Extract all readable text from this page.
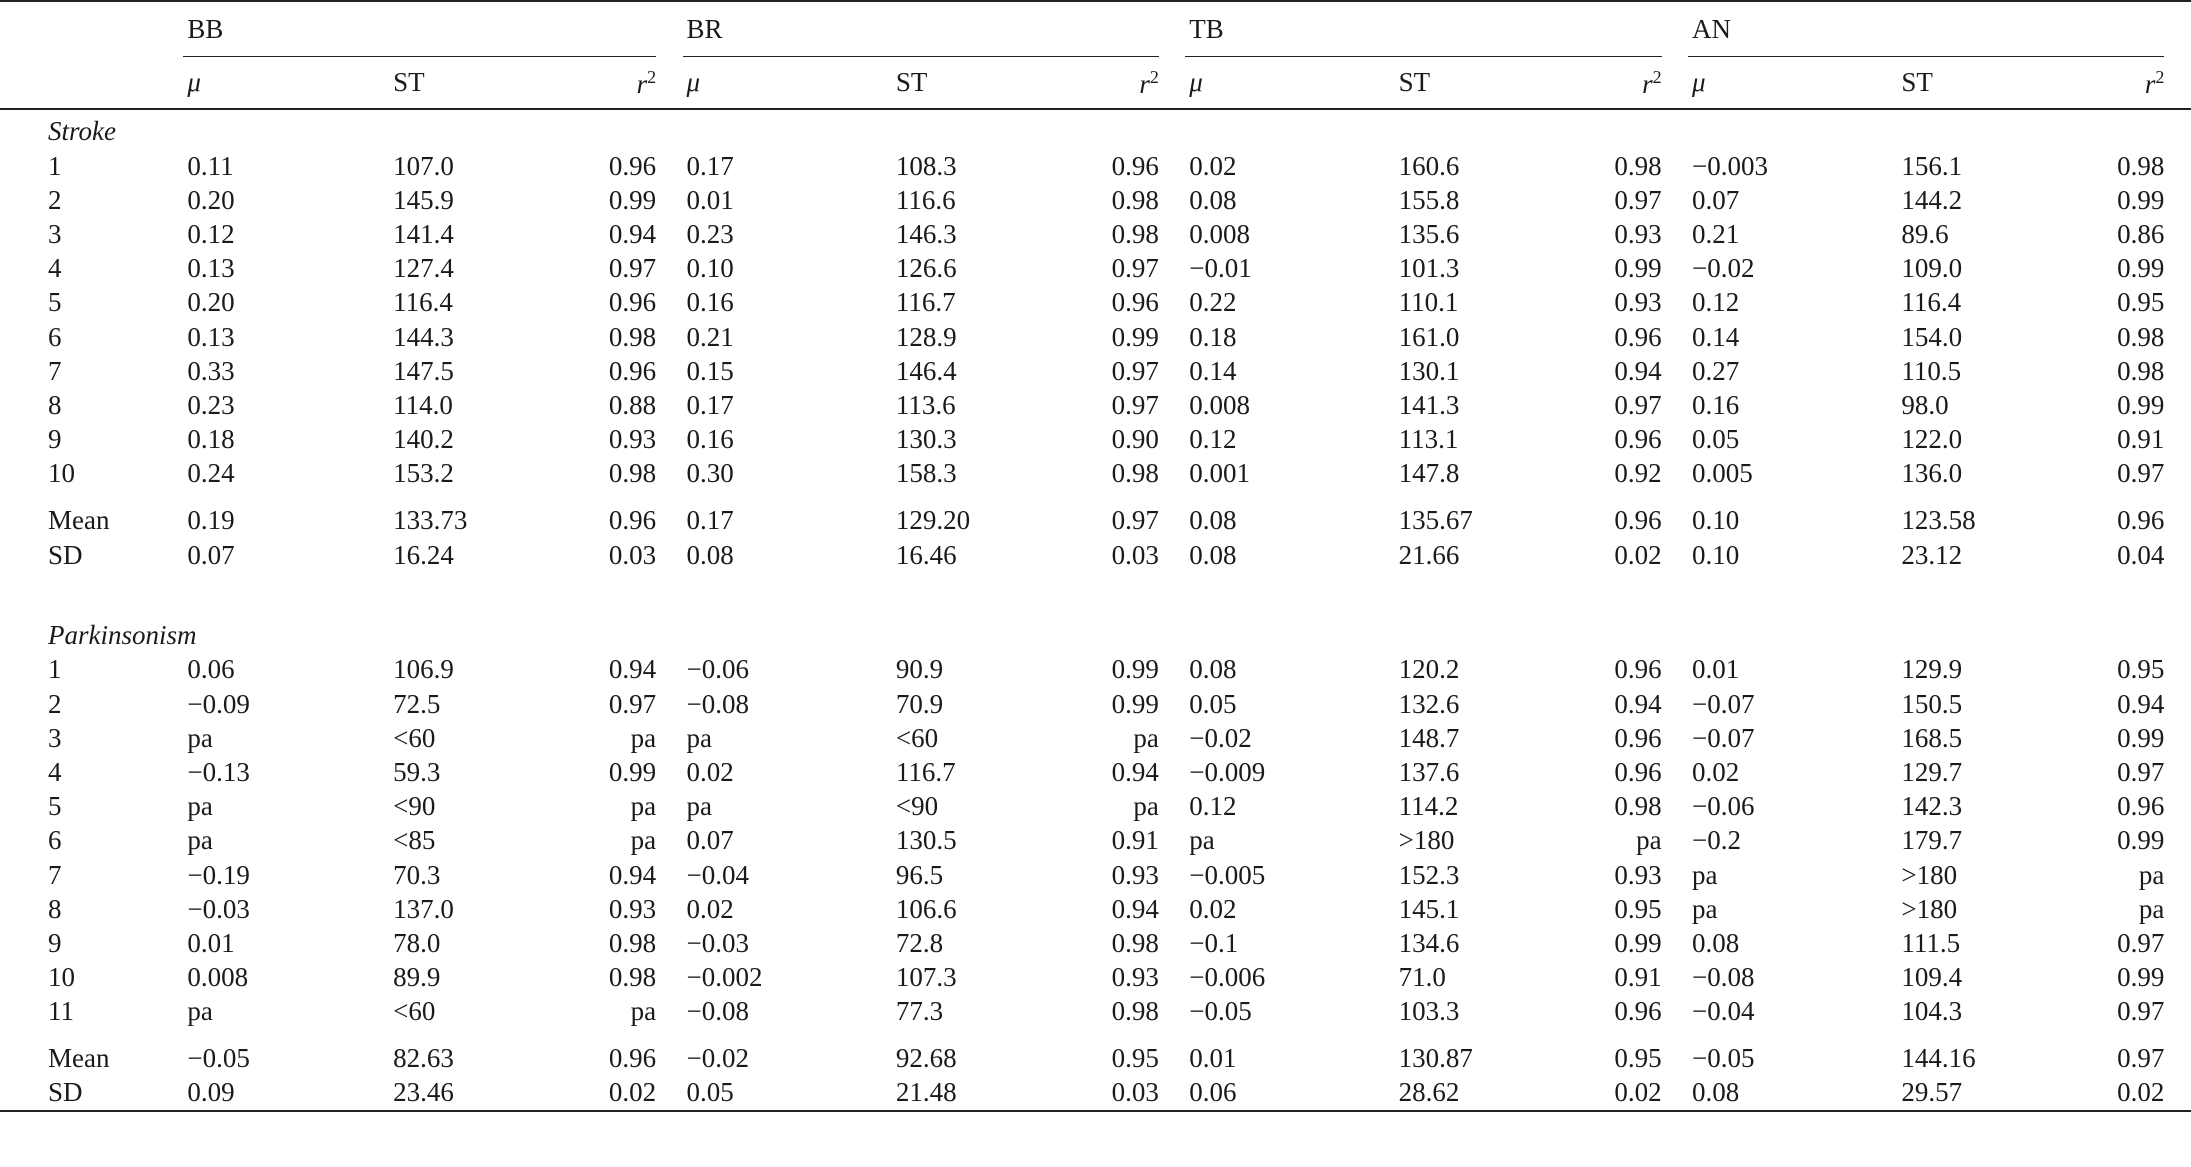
	BB						BR						TB						AN				

	μ		ST		$r^2$		μ		ST		$r^2$		μ		ST		$r^2$		μ		ST		$r^2$	
Stroke																								
1	0.11		107.0		0.96		0.17		108.3		0.96		0.02		160.6		0.98		−0.003		156.1		0.98	
2	0.20		145.9		0.99		0.01		116.6		0.98		0.08		155.8		0.97		0.07		144.2		0.99	
3	0.12		141.4		0.94		0.23		146.3		0.98		0.008		135.6		0.93		0.21		89.6		0.86	
4	0.13		127.4		0.97		0.10		126.6		0.97		−0.01		101.3		0.99		−0.02		109.0		0.99	
5	0.20		116.4		0.96		0.16		116.7		0.96		0.22		110.1		0.93		0.12		116.4		0.95	
6	0.13		144.3		0.98		0.21		128.9		0.99		0.18		161.0		0.96		0.14		154.0		0.98	
7	0.33		147.5		0.96		0.15		146.4		0.97		0.14		130.1		0.94		0.27		110.5		0.98	
8	0.23		114.0		0.88		0.17		113.6		0.97		0.008		141.3		0.97		0.16		98.0		0.99	
9	0.18		140.2		0.93		0.16		130.3		0.90		0.12		113.1		0.96		0.05		122.0		0.91	
10	0.24		153.2		0.98		0.30		158.3		0.98		0.001		147.8		0.92		0.005		136.0		0.97	

Mean	0.19		133.73		0.96		0.17		129.20		0.97		0.08		135.67		0.96		0.10		123.58		0.96	
SD	0.07		16.24		0.03		0.08		16.46		0.03		0.08		21.66		0.02		0.10		23.12		0.04	
Parkinsonism																								
1	0.06		106.9		0.94		−0.06		90.9		0.99		0.08		120.2		0.96		0.01		129.9		0.95	
2	−0.09		72.5		0.97		−0.08		70.9		0.99		0.05		132.6		0.94		−0.07		150.5		0.94	
3	pa		<60		pa		pa		<60		pa		−0.02		148.7		0.96		−0.07		168.5		0.99	
4	−0.13		59.3		0.99		0.02		116.7		0.94		−0.009		137.6		0.96		0.02		129.7		0.97	
5	pa		<90		pa		pa		<90		pa		0.12		114.2		0.98		−0.06		142.3		0.96	
6	pa		<85		pa		0.07		130.5		0.91		pa		>180		pa		−0.2		179.7		0.99	
7	−0.19		70.3		0.94		−0.04		96.5		0.93		−0.005		152.3		0.93		pa		>180		pa	
8	−0.03		137.0		0.93		0.02		106.6		0.94		0.02		145.1		0.95		pa		>180		pa	
9	0.01		78.0		0.98		−0.03		72.8		0.98		−0.1		134.6		0.99		0.08		111.5		0.97	
10	0.008		89.9		0.98		−0.002		107.3		0.93		−0.006		71.0		0.91		−0.08		109.4		0.99	
11	pa		<60		pa		−0.08		77.3		0.98		−0.05		103.3		0.96		−0.04		104.3		0.97	

Mean	−0.05		82.63		0.96		−0.02		92.68		0.95		0.01		130.87		0.95		−0.05		144.16		0.97	
SD	0.09		23.46		0.02		0.05		21.48		0.03		0.06		28.62		0.02		0.08		29.57		0.02	
